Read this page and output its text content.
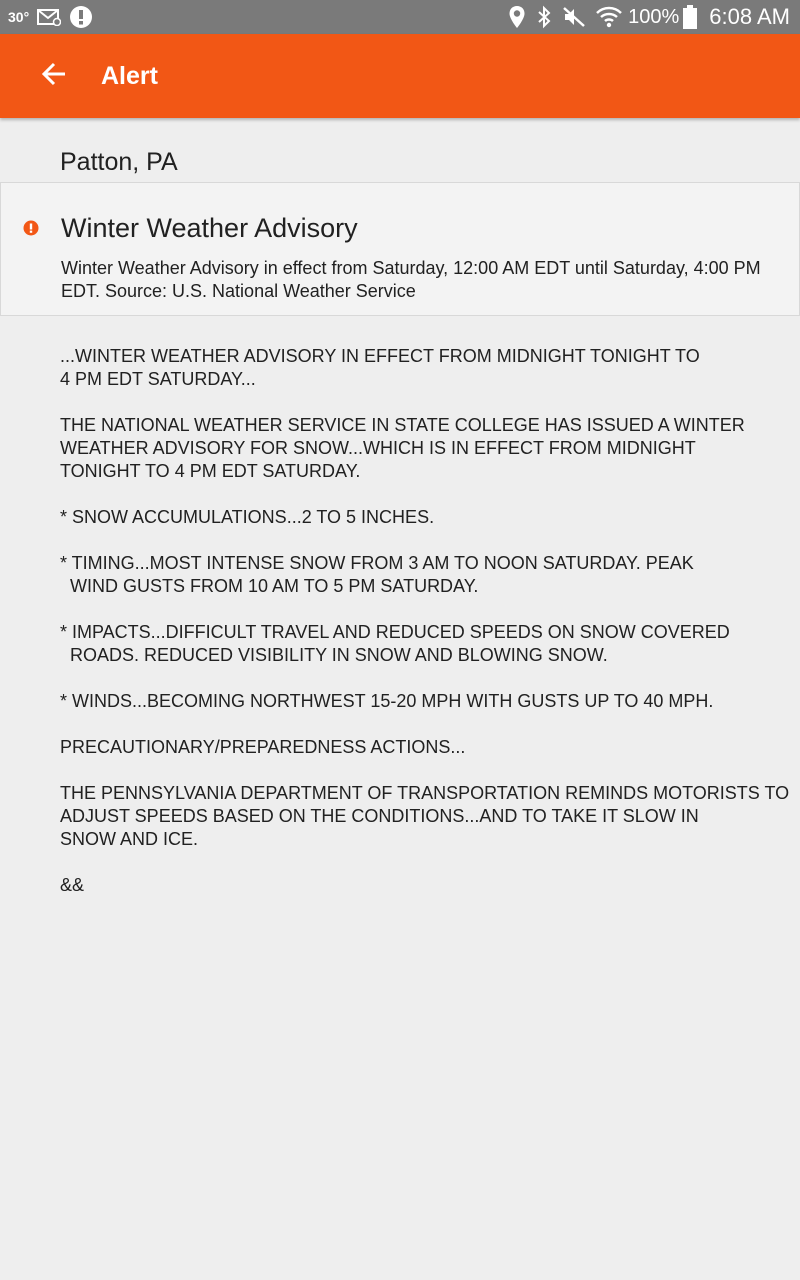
30°	100% 6:08 AM
Alert
Patton, PA
Winter Weather Advisory
Winter Weather Advisory in effect from Saturday, 12:00 AM EDT until Saturday, 4:00 PM EDT. Source: U.S. National Weather Service
...WINTER WEATHER ADVISORY IN EFFECT FROM MIDNIGHT TONIGHT TO
4 PM EDT SATURDAY...

THE NATIONAL WEATHER SERVICE IN STATE COLLEGE HAS ISSUED A WINTER
WEATHER ADVISORY FOR SNOW...WHICH IS IN EFFECT FROM MIDNIGHT
TONIGHT TO 4 PM EDT SATURDAY.

* SNOW ACCUMULATIONS...2 TO 5 INCHES.

* TIMING...MOST INTENSE SNOW FROM 3 AM TO NOON SATURDAY. PEAK
WIND GUSTS FROM 10 AM TO 5 PM SATURDAY.

* IMPACTS...DIFFICULT TRAVEL AND REDUCED SPEEDS ON SNOW COVERED
ROADS. REDUCED VISIBILITY IN SNOW AND BLOWING SNOW.

* WINDS...BECOMING NORTHWEST 15-20 MPH WITH GUSTS UP TO 40 MPH.

PRECAUTIONARY/PREPAREDNESS ACTIONS...

THE PENNSYLVANIA DEPARTMENT OF TRANSPORTATION REMINDS MOTORISTS TO
ADJUST SPEEDS BASED ON THE CONDITIONS...AND TO TAKE IT SLOW IN
SNOW AND ICE.

&&
